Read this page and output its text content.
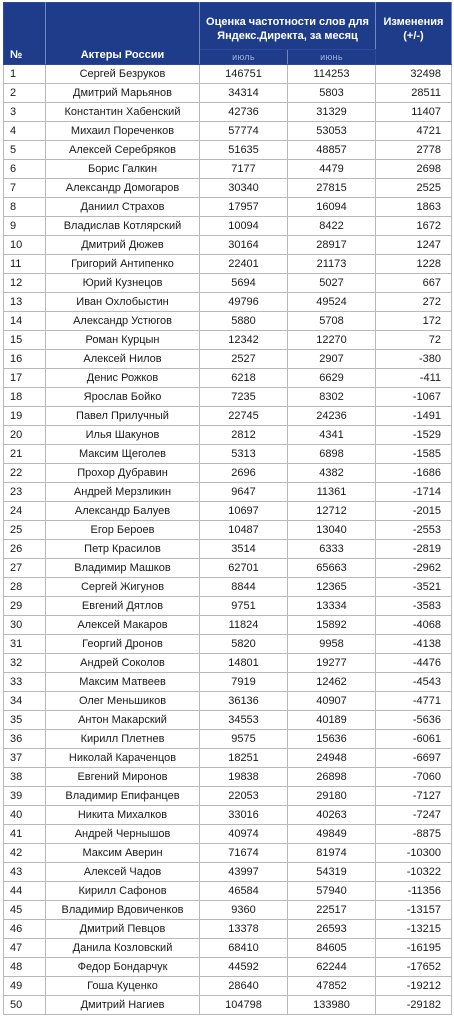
№	Актеры России	Оценка частотности слов для Яндекс.Директа, за месяц		Изменения (+/-)
		июль	июнь	
1	Сергей Безруков	146751	114253	32498
2	Дмитрий Марьянов	34314	5803	28511
3	Константин Хабенский	42736	31329	11407
4	Михаил Пореченков	57774	53053	4721
5	Алексей Серебряков	51635	48857	2778
6	Борис Галкин	7177	4479	2698
7	Александр Домогаров	30340	27815	2525
8	Даниил Страхов	17957	16094	1863
9	Владислав Котлярский	10094	8422	1672
10	Дмитрий Дюжев	30164	28917	1247
11	Григорий Антипенко	22401	21173	1228
12	Юрий Кузнецов	5694	5027	667
13	Иван Охлобыстин	49796	49524	272
14	Александр Устюгов	5880	5708	172
15	Роман Курцын	12342	12270	72
16	Алексей Нилов	2527	2907	-380
17	Денис Рожков	6218	6629	-411
18	Ярослав Бойко	7235	8302	-1067
19	Павел Прилучный	22745	24236	-1491
20	Илья Шакунов	2812	4341	-1529
21	Максим Щеголев	5313	6898	-1585
22	Прохор Дубравин	2696	4382	-1686
23	Андрей Мерзликин	9647	11361	-1714
24	Александр Балуев	10697	12712	-2015
25	Егор Бероев	10487	13040	-2553
26	Петр Красилов	3514	6333	-2819
27	Владимир Машков	62701	65663	-2962
28	Сергей Жигунов	8844	12365	-3521
29	Евгений Дятлов	9751	13334	-3583
30	Алексей Макаров	11824	15892	-4068
31	Георгий Дронов	5820	9958	-4138
32	Андрей Соколов	14801	19277	-4476
33	Максим Матвеев	7919	12462	-4543
34	Олег Меньшиков	36136	40907	-4771
35	Антон Макарский	34553	40189	-5636
36	Кирилл Плетнев	9575	15636	-6061
37	Николай Караченцов	18251	24948	-6697
38	Евгений Миронов	19838	26898	-7060
39	Владимир Епифанцев	22053	29180	-7127
40	Никита Михалков	33016	40263	-7247
41	Андрей Чернышов	40974	49849	-8875
42	Максим Аверин	71674	81974	-10300
43	Алексей Чадов	43997	54319	-10322
44	Кирилл Сафонов	46584	57940	-11356
45	Владимир Вдовиченков	9360	22517	-13157
46	Дмитрий Певцов	13378	26593	-13215
47	Данила Козловский	68410	84605	-16195
48	Федор Бондарчук	44592	62244	-17652
49	Гоша Куценко	28640	47852	-19212
50	Дмитрий Нагиев	104798	133980	-29182
